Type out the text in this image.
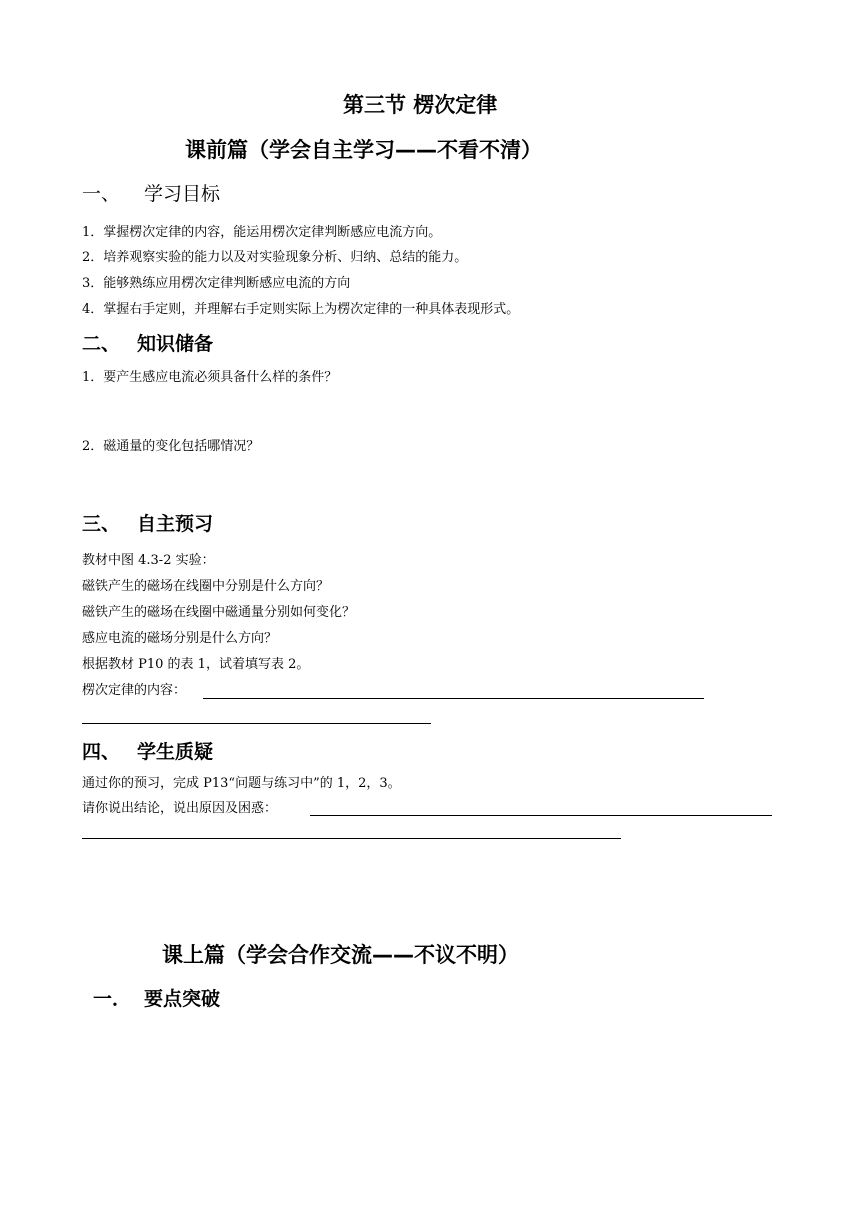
第三节 楞次定律
课前篇（学会自主学习——不看不清）
一、 学习目标
1．掌握楞次定律的内容，能运用楞次定律判断感应电流方向。
2．培养观察实验的能力以及对实验现象分析、归纳、总结的能力。
3．能够熟练应用楞次定律判断感应电流的方向
4．掌握右手定则，并理解右手定则实际上为楞次定律的一种具体表现形式。
二、 知识储备
1．要产生感应电流必须具备什么样的条件？
2．磁通量的变化包括哪情况？
三、 自主预习
教材中图 4.3-2 实验：
磁铁产生的磁场在线圈中分别是什么方向？
磁铁产生的磁场在线圈中磁通量分别如何变化？
感应电流的磁场分别是什么方向？
根据教材 P10 的表 1，试着填写表 2。
楞次定律的内容：
四、 学生质疑
通过你的预习，完成 P13“问题与练习中”的 1，2，3。
请你说出结论，说出原因及困惑：
课上篇（学会合作交流——不议不明）
一． 要点突破
